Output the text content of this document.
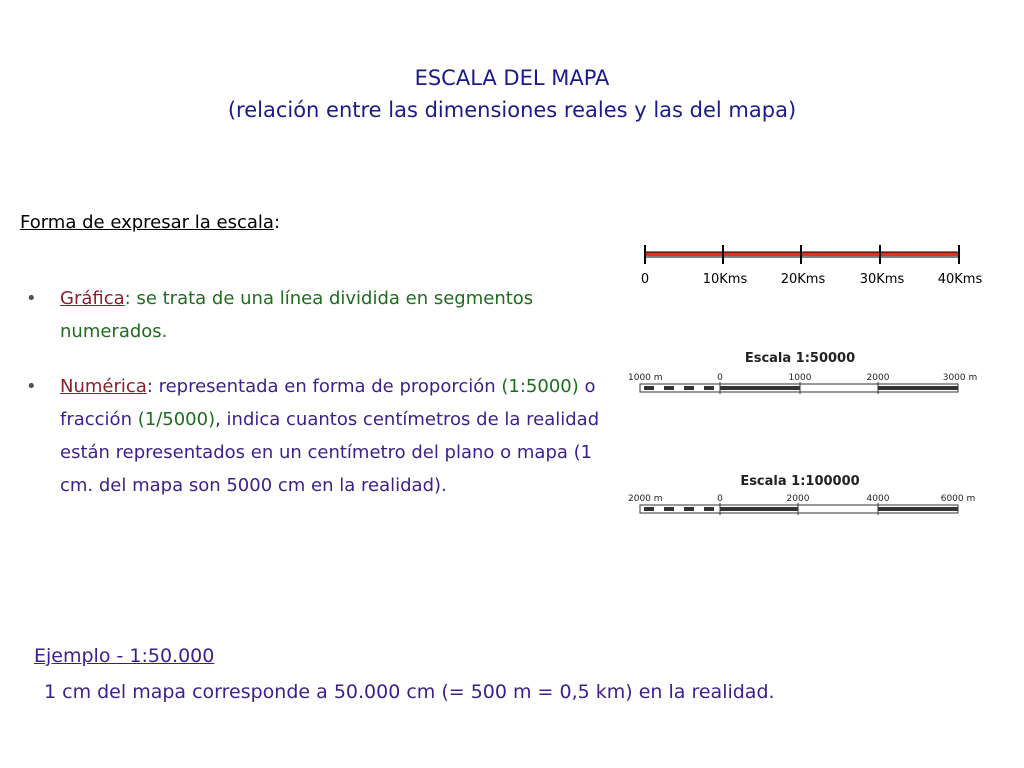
ESCALA DEL MAPA
(relación entre las dimensiones reales y las del mapa)
Forma de expresar la escala:
• Gráfica: se trata de una línea dividida en segmentos numerados.
• Numérica: representada en forma de proporción (1:5000) o fracción (1/5000), indica cuantos centímetros de la realidad están representados en un centímetro del plano o mapa (1 cm. del mapa son 5000 cm en la realidad).
0	10Kms	20Kms	30Kms	40Kms
Escala 1:50000
1000 m	0	1000	2000	3000 m
Escala 1:100000
2000 m	0	2000	4000	6000 m
Ejemplo - 1:50.000
1 cm del mapa corresponde a 50.000 cm (= 500 m = 0,5 km) en la realidad.
